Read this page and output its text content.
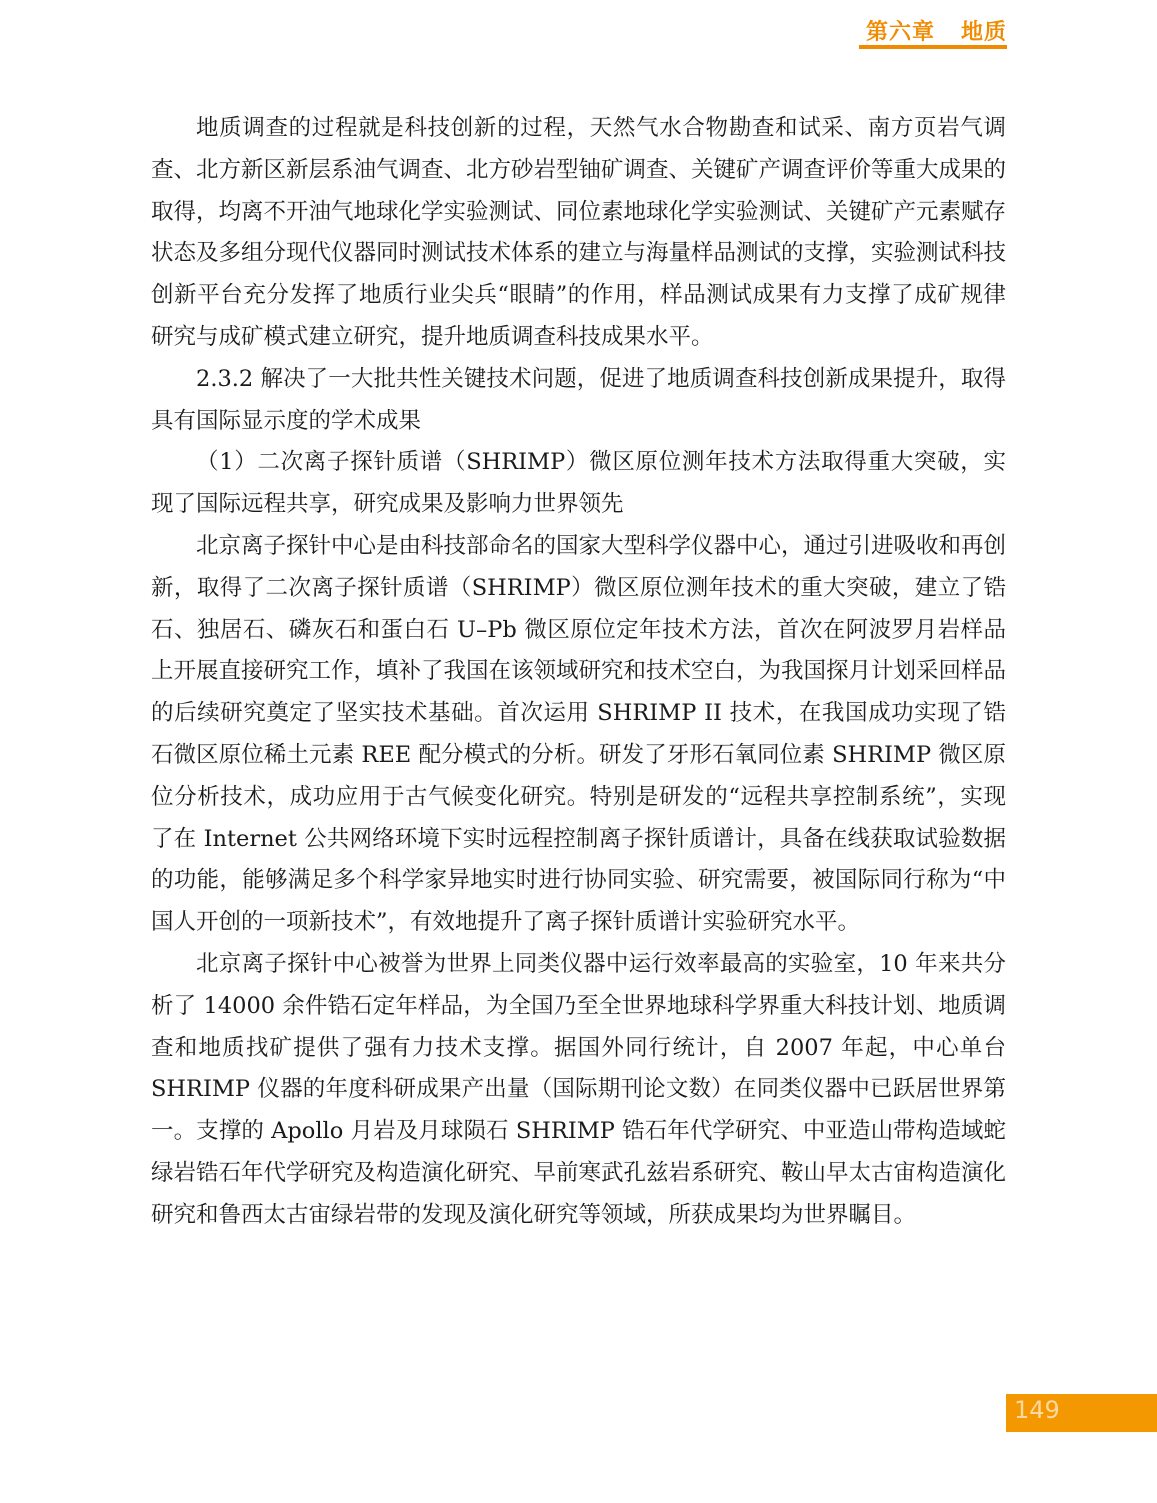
第六章
地质

地质调查的过程就是科技创新的过程，天然气水合物勘查和试采、南方页岩气调查、北方新区新层系油气调查、北方砂岩型铀矿调查、关键矿产调查评价等重大成果的取得，均离不开油气地球化学实验测试、同位素地球化学实验测试、关键矿产元素赋存状态及多组分现代仪器同时测试技术体系的建立与海量样品测试的支撑，实验测试科技创新平台充分发挥了地质行业尖兵“眼睛”的作用，样品测试成果有力支撑了成矿规律研究与成矿模式建立研究，提升地质调查科技成果水平。

2.3.2 解决了一大批共性关键技术问题，促进了地质调查科技创新成果提升，取得具有国际显示度的学术成果

（1）二次离子探针质谱（SHRIMP）微区原位测年技术方法取得重大突破，实现了国际远程共享，研究成果及影响力世界领先

北京离子探针中心是由科技部命名的国家大型科学仪器中心，通过引进吸收和再创新，取得了二次离子探针质谱（SHRIMP）微区原位测年技术的重大突破，建立了锆石、独居石、磷灰石和蛋白石 U–Pb 微区原位定年技术方法，首次在阿波罗月岩样品上开展直接研究工作，填补了我国在该领域研究和技术空白，为我国探月计划采回样品的后续研究奠定了坚实技术基础。首次运用 SHRIMP II 技术，在我国成功实现了锆石微区原位稀土元素 REE 配分模式的分析。研发了牙形石氧同位素 SHRIMP 微区原位分析技术，成功应用于古气候变化研究。特别是研发的“远程共享控制系统”，实现了在 Internet 公共网络环境下实时远程控制离子探针质谱计，具备在线获取试验数据的功能，能够满足多个科学家异地实时进行协同实验、研究需要，被国际同行称为“中国人开创的一项新技术”，有效地提升了离子探针质谱计实验研究水平。

北京离子探针中心被誉为世界上同类仪器中运行效率最高的实验室，10 年来共分析了 14000 余件锆石定年样品，为全国乃至全世界地球科学界重大科技计划、地质调查和地质找矿提供了强有力技术支撑。据国外同行统计，自 2007 年起，中心单台 SHRIMP 仪器的年度科研成果产出量（国际期刊论文数）在同类仪器中已跃居世界第一。支撑的 Apollo 月岩及月球陨石 SHRIMP 锆石年代学研究、中亚造山带构造域蛇绿岩锆石年代学研究及构造演化研究、早前寒武孔兹岩系研究、鞍山早太古宙构造演化研究和鲁西太古宙绿岩带的发现及演化研究等领域，所获成果均为世界瞩目。

149
